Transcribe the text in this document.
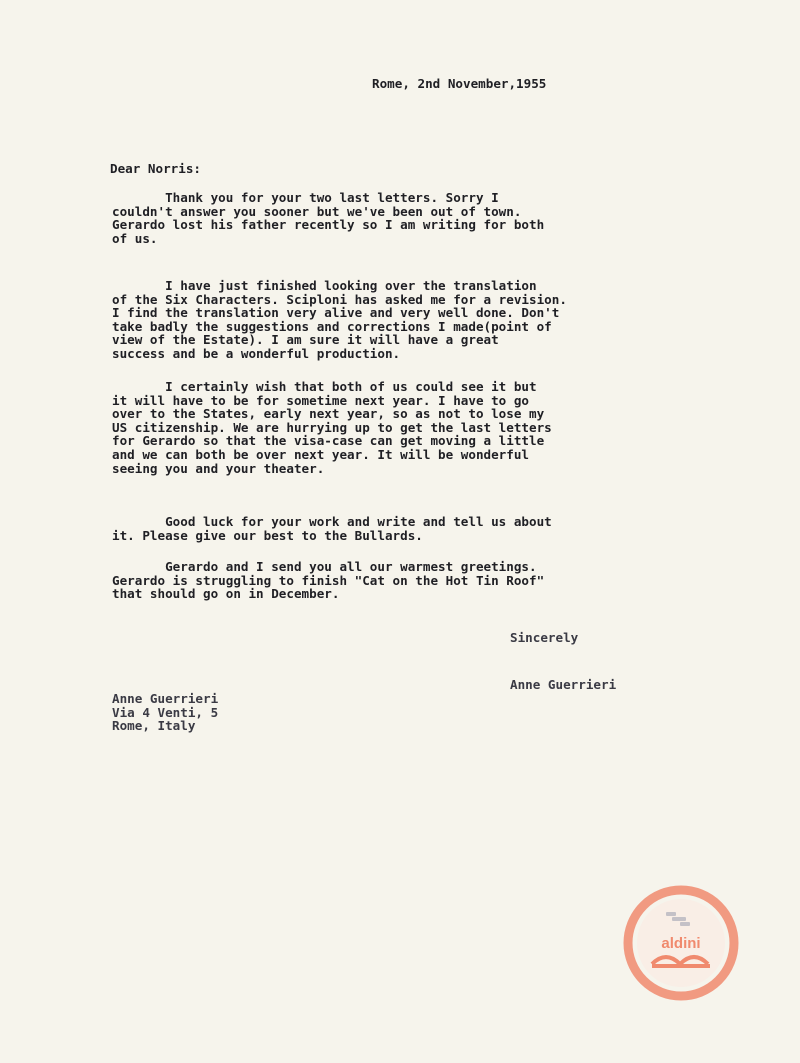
Rome, 2nd November,1955
Dear Norris:
Thank you for your two last letters. Sorry I
couldn't answer you sooner but we've been out of town.
Gerardo lost his father recently so I am writing for both
of us.
I have just finished looking over the translation
of the Six Characters. Sciploni has asked me for a revision.
I find the translation very alive and very well done. Don't
take badly the suggestions and corrections I made(point of
view of the Estate). I am sure it will have a great
success and be a wonderful production.
I certainly wish that both of us could see it but
it will have to be for sometime next year. I have to go
over to the States, early next year, so as not to lose my
US citizenship. We are hurrying up to get the last letters
for Gerardo so that the visa-case can get moving a little
and we can both be over next year. It will be wonderful
seeing you and your theater.
Good luck for your work and write and tell us about
it. Please give our best to the Bullards.
Gerardo and I send you all our warmest greetings.
Gerardo is struggling to finish "Cat on the Hot Tin Roof"
that should go on in December.
Sincerely
Anne Guerrieri
Anne Guerrieri
Via 4 Venti, 5
Rome, Italy
aldini
